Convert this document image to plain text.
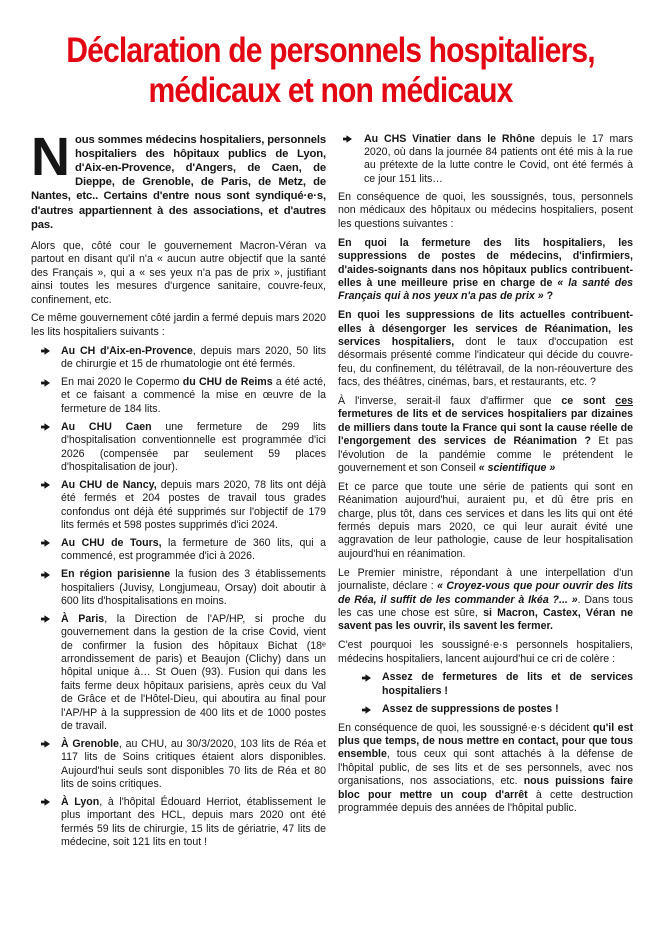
Déclaration de personnels hospitaliers,
médicaux et non médicaux

Nous sommes médecins hospitaliers, personnels hospitaliers des hôpitaux publics de Lyon, d'Aix-en-Provence, d'Angers, de Caen, de Dieppe, de Grenoble, de Paris, de Metz, de Nantes, etc.. Certains d'entre nous sont syndiqué·e·s, d'autres appartiennent à des associations, et d'autres pas.

Alors que, côté cour le gouvernement Macron-Véran va partout en disant qu'il n'a « aucun autre objectif que la santé des Français », qui a « ses yeux n'a pas de prix », justifiant ainsi toutes les mesures d'urgence sanitaire, couvre-feux, confinement, etc.

Ce même gouvernement côté jardin a fermé depuis mars 2020 les lits hospitaliers suivants :

Au CH d'Aix-en-Provence, depuis mars 2020, 50 lits de chirurgie et 15 de rhumatologie ont été fermés.
En mai 2020 le Copermo du CHU de Reims a été acté, et ce faisant a commencé la mise en œuvre de la fermeture de 184 lits.
Au CHU Caen une fermeture de 299 lits d'hospitalisation conventionnelle est programmée d'ici 2026 (compensée par seulement 59 places d'hospitalisation de jour).
Au CHU de Nancy, depuis mars 2020, 78 lits ont déjà été fermés et 204 postes de travail tous grades confondus ont déjà été supprimés sur l'objectif de 179 lits fermés et 598 postes supprimés d'ici 2024.
Au CHU de Tours, la fermeture de 360 lits, qui a commencé, est programmée d'ici à 2026.
En région parisienne la fusion des 3 établissements hospitaliers (Juvisy, Longjumeau, Orsay) doit aboutir à 600 lits d'hospitalisations en moins.
À Paris, la Direction de l'AP/HP, si proche du gouvernement dans la gestion de la crise Covid, vient de confirmer la fusion des hôpitaux Bichat (18ᵉ arrondissement de paris) et Beaujon (Clichy) dans un hôpital unique à… St Ouen (93). Fusion qui dans les faits ferme deux hôpitaux parisiens, après ceux du Val de Grâce et de l'Hôtel-Dieu, qui aboutira au final pour l'AP/HP à la suppression de 400 lits et de 1000 postes de travail.
À Grenoble, au CHU, au 30/3/2020, 103 lits de Réa et 117 lits de Soins critiques étaient alors disponibles. Aujourd'hui seuls sont disponibles 70 lits de Réa et 80 lits de soins critiques.
À Lyon, à l'hôpital Édouard Herriot, établissement le plus important des HCL, depuis mars 2020 ont été fermés 59 lits de chirurgie, 15 lits de gériatrie, 47 lits de médecine, soit 121 lits en tout !
Au CHS Vinatier dans le Rhône depuis le 17 mars 2020, où dans la journée 84 patients ont été mis à la rue au prétexte de la lutte contre le Covid, ont été fermés à ce jour 151 lits…

En conséquence de quoi, les soussignés, tous, personnels non médicaux des hôpitaux ou médecins hospitaliers, posent les questions suivantes :

En quoi la fermeture des lits hospitaliers, les suppressions de postes de médecins, d'infirmiers, d'aides-soignants dans nos hôpitaux publics contribuent-elles à une meilleure prise en charge de « la santé des Français qui à nos yeux n'a pas de prix » ?

En quoi les suppressions de lits actuelles contribuent-elles à désengorger les services de Réanimation, les services hospitaliers, dont le taux d'occupation est désormais présenté comme l'indicateur qui décide du couvre-feu, du confinement, du télétravail, de la non-réouverture des facs, des théâtres, cinémas, bars, et restaurants, etc. ?

À l'inverse, serait-il faux d'affirmer que ce sont ces fermetures de lits et de services hospitaliers par dizaines de milliers dans toute la France qui sont la cause réelle de l'engorgement des services de Réanimation ? Et pas l'évolution de la pandémie comme le prétendent le gouvernement et son Conseil « scientifique »

Et ce parce que toute une série de patients qui sont en Réanimation aujourd'hui, auraient pu, et dû être pris en charge, plus tôt, dans ces services et dans les lits qui ont été fermés depuis mars 2020, ce qui leur aurait évité une aggravation de leur pathologie, cause de leur hospitalisation aujourd'hui en réanimation.

Le Premier ministre, répondant à une interpellation d'un journaliste, déclare : « Croyez-vous que pour ouvrir des lits de Réa, il suffit de les commander à Ikéa ?... ». Dans tous les cas une chose est sûre, si Macron, Castex, Véran ne savent pas les ouvrir, ils savent les fermer.

C'est pourquoi les soussigné·e·s personnels hospitaliers, médecins hospitaliers, lancent aujourd'hui ce cri de colère :

Assez de fermetures de lits et de services hospitaliers !
Assez de suppressions de postes !

En conséquence de quoi, les soussigné·e·s décident qu'il est plus que temps, de nous mettre en contact, pour que tous ensemble, tous ceux qui sont attachés à la défense de l'hôpital public, de ses lits et de ses personnels, avec nos organisations, nos associations, etc. nous puissions faire bloc pour mettre un coup d'arrêt à cette destruction programmée depuis des années de l'hôpital public.
